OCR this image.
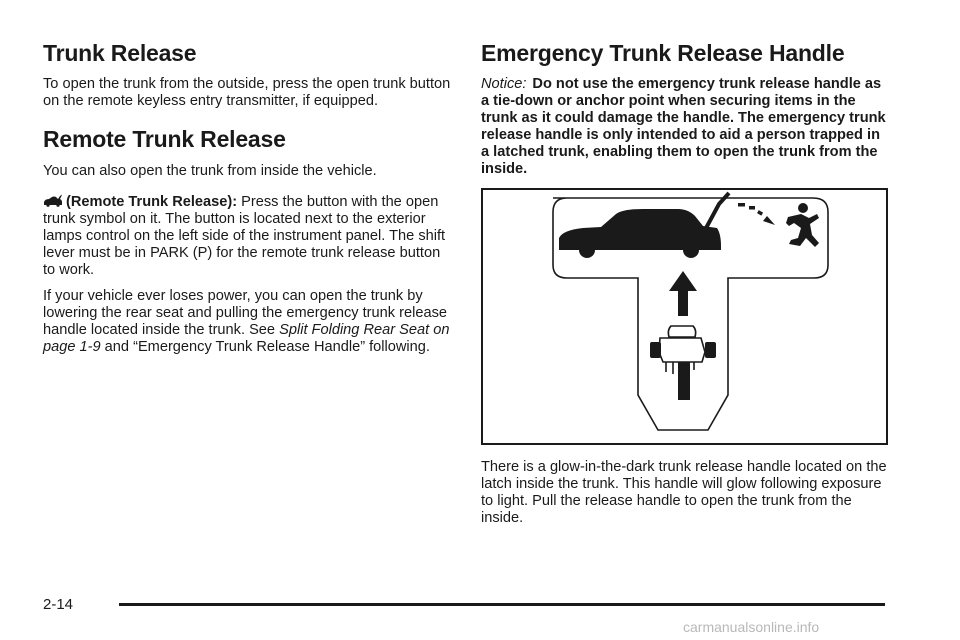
Trunk Release

To open the trunk from the outside, press the open trunk button on the remote keyless entry transmitter, if equipped.

Remote Trunk Release

You can also open the trunk from inside the vehicle.

(Remote Trunk Release): Press the button with the open trunk symbol on it. The button is located next to the exterior lamps control on the left side of the instrument panel. The shift lever must be in PARK (P) for the remote trunk release button to work.

If your vehicle ever loses power, you can open the trunk by lowering the rear seat and pulling the emergency trunk release handle located inside the trunk. See Split Folding Rear Seat on page 1-9 and “Emergency Trunk Release Handle” following.

Emergency Trunk Release Handle

Notice: Do not use the emergency trunk release handle as a tie-down or anchor point when securing items in the trunk as it could damage the handle. The emergency trunk release handle is only intended to aid a person trapped in a latched trunk, enabling them to open the trunk from the inside.

There is a glow-in-the-dark trunk release handle located on the latch inside the trunk. This handle will glow following exposure to light. Pull the release handle to open the trunk from the inside.

2-14
carmanualsonline.info
